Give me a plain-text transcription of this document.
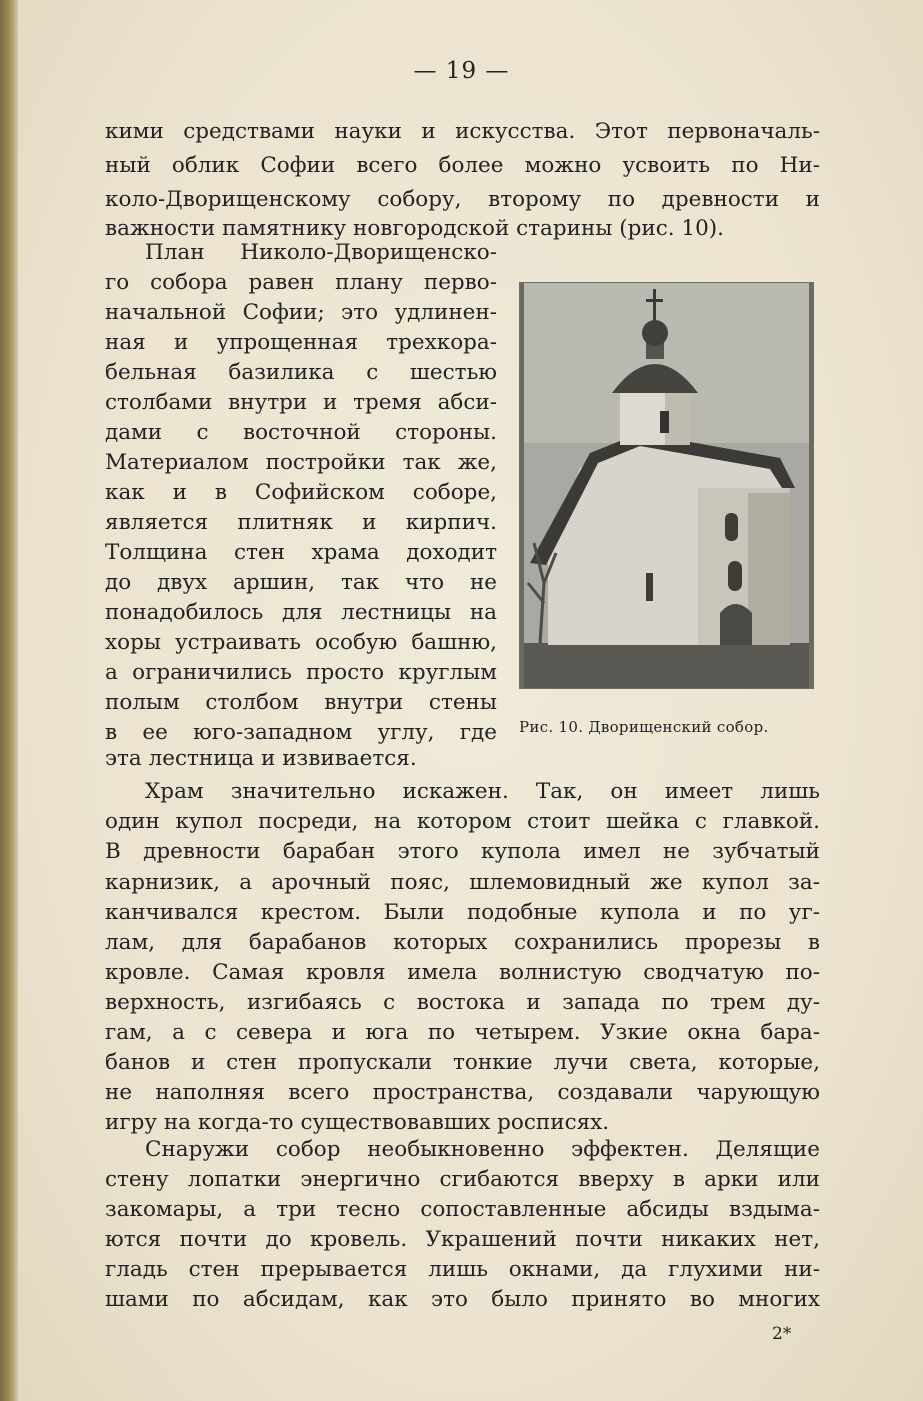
— 19 —
кими средствами науки и искусства. Этот первоначаль-
ный облик Софии всего более можно усвоить по Ни-
коло-Дворищенскому собору, второму по древности и
важности памятнику новгородской старины (рис. 10).
План Николо-Дворищенско-
го собора равен плану перво-
начальной Софии; это удлинен-
ная и упрощенная трехкора-
бельная базилика с шестью
столбами внутри и тремя абси-
дами с восточной стороны.
Материалом постройки так же,
как и в Софийском соборе,
является плитняк и кирпич.
Толщина стен храма доходит
до двух аршин, так что не
понадобилось для лестницы на
хоры устраивать особую башню,
а ограничились просто круглым
полым столбом внутри стены
в ее юго-западном углу, где
эта лестница и извивается.
Рис. 10. Дворищенский собор.
Храм значительно искажен. Так, он имеет лишь
один купол посреди, на котором стоит шейка с главкой.
В древности барабан этого купола имел не зубчатый
карнизик, а арочный пояс, шлемовидный же купол за-
канчивался крестом. Были подобные купола и по уг-
лам, для барабанов которых сохранились прорезы в
кровле. Самая кровля имела волнистую сводчатую по-
верхность, изгибаясь с востока и запада по трем ду-
гам, а с севера и юга по четырем. Узкие окна бара-
банов и стен пропускали тонкие лучи света, которые,
не наполняя всего пространства, создавали чарующую
игру на когда-то существовавших росписях.
Снаружи собор необыкновенно эффектен. Делящие
стену лопатки энергично сгибаются вверху в арки или
закомары, а три тесно сопоставленные абсиды вздыма-
ются почти до кровель. Украшений почти никаких нет,
гладь стен прерывается лишь окнами, да глухими ни-
шами по абсидам, как это было принято во многих
2*
